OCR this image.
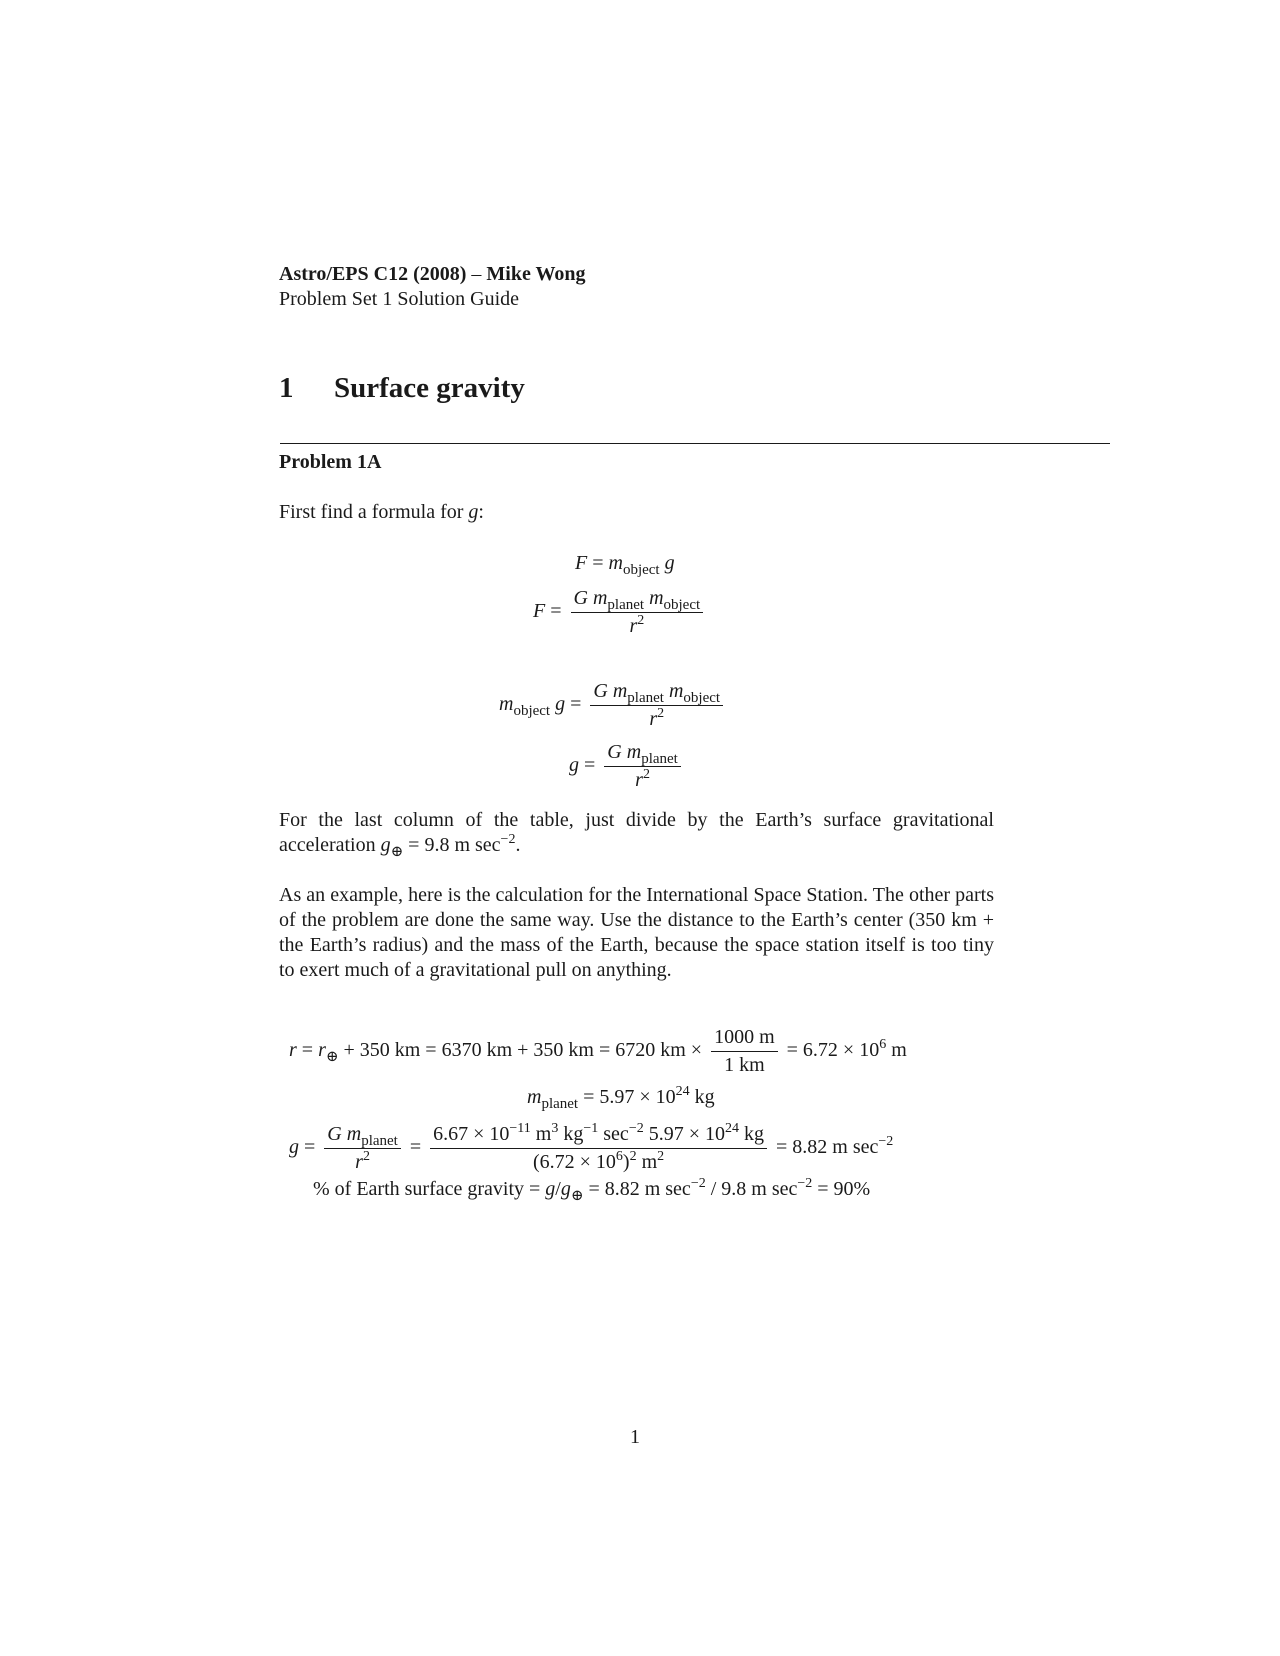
Astro/EPS C12 (2008) – Mike Wong
Problem Set 1 Solution Guide
1 Surface gravity
Problem 1A
First find a formula for g:
$F = m_{object}$ g
$F = \frac{G m_{planet} m_{object}}{r^2}$
$m_{object}$ $g = \frac{G m_{planet} m_{object}}{r^2}$
$g = \frac{G m_{planet}}{r^2}$
For the last column of the table, just divide by the Earth’s surface gravitational acceleration $g_\oplus = 9.8$ m $\sec^{-2}$.
As an example, here is the calculation for the International Space Station. The other parts of the problem are done the same way. Use the distance to the Earth’s center (350 km + the Earth’s radius) and the mass of the Earth, because the space station itself is too tiny to exert much of a gravitational pull on anything.
$r = r_\oplus + 350$ km = 6370 km + 350 km = 6720 km × $\frac{1000 m}{1 km} = 6.72 \times 10^6$ m
$m_{planet} = 5.97 \times 10^{24}$ kg
$g = \frac{G m_{planet}}{r^2}$ =
$6.67 \times 10^{-11}$ $m^3$ $kg^{-1}$ $\sec^{-2} 5.97 \times 10^{24}$ kg
$(6.72 \times 10^6)^2$ $m^2$	= 8.82 m $\sec^{-2}$
% of Earth surface gravity = $g/g_\oplus = 8.82$ m $\sec^{-2} / 9.8$ m $\sec^{-2} = 90\%$
1
